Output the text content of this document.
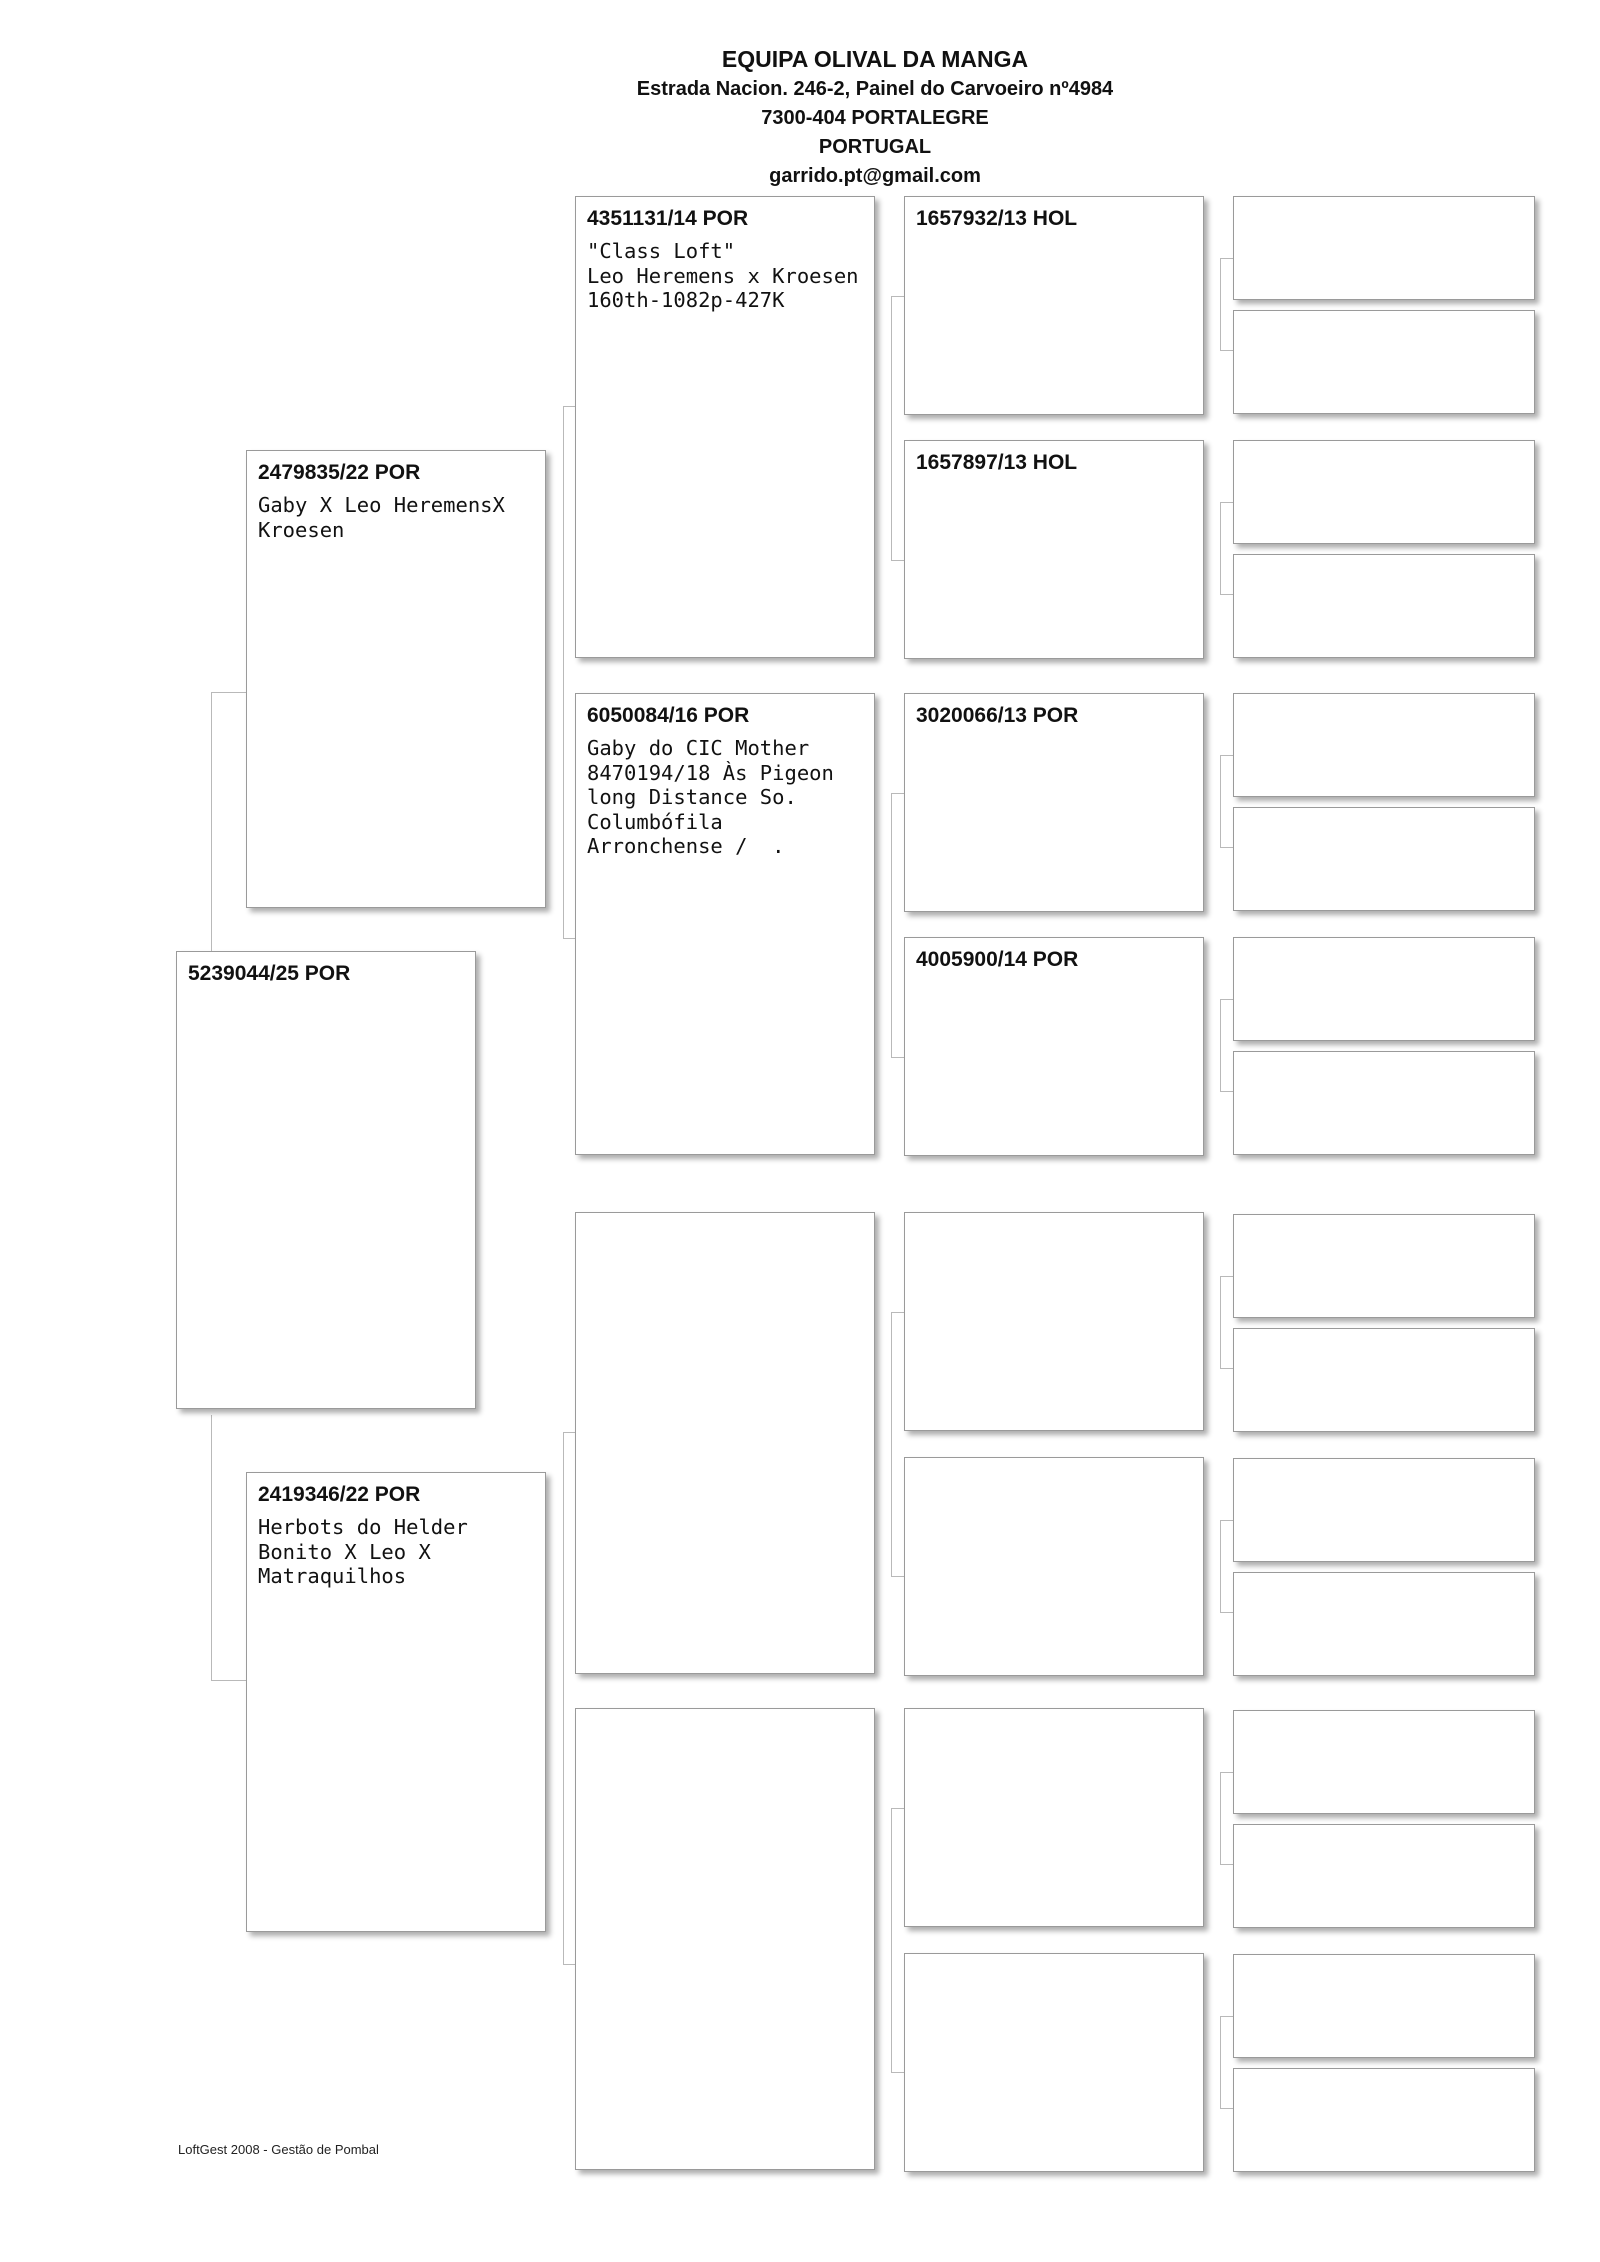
EQUIPA OLIVAL DA MANGA
Estrada Nacion. 246-2, Painel do Carvoeiro nº4984
7300-404 PORTALEGRE
PORTUGAL
garrido.pt@gmail.com
5239044/25 POR
2479835/22 POR
Gaby X Leo HeremensX Kroesen
2419346/22 POR
Herbots do Helder Bonito X Leo X Matraquilhos
4351131/14 POR
"Class Loft"
Leo Heremens x Kroesen
160th-1082p-427K
6050084/16 POR
Gaby do CIC Mother 8470194/18 Às Pigeon long Distance So. Columbófila Arronchense /  .
1657932/13 HOL
1657897/13 HOL
3020066/13 POR
4005900/14 POR
LoftGest 2008 - Gestão de Pombal
